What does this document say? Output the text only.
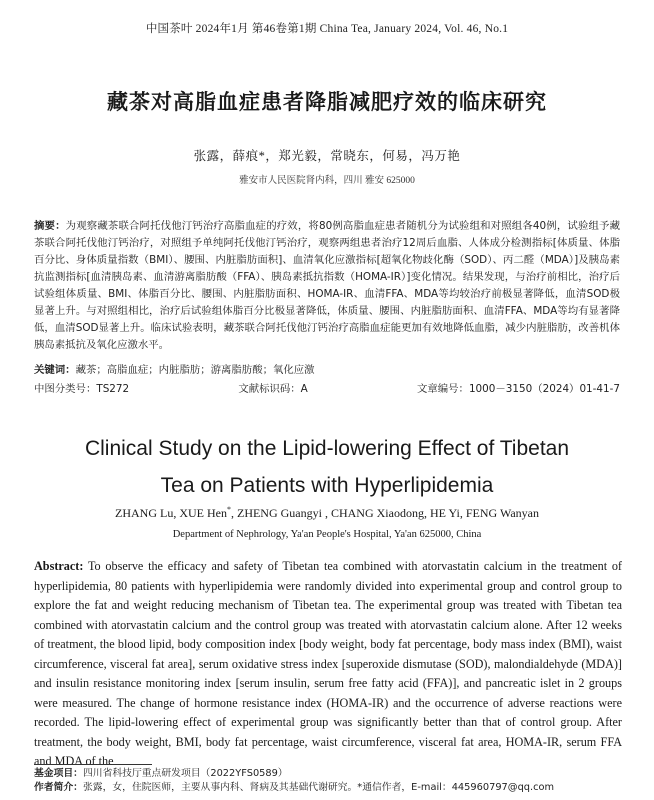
中国茶叶 2024年1月 第46卷第1期 China Tea, January 2024, Vol. 46, No.1
藏茶对高脂血症患者降脂减肥疗效的临床研究
张露，薛痕*，郑光毅，常晓东，何易，冯万艳
雅安市人民医院肾内科，四川 雅安 625000
摘要：为观察藏茶联合阿托伐他汀钙治疗高脂血症的疗效，将80例高脂血症患者随机分为试验组和对照组各40例，试验组予藏茶联合阿托伐他汀钙治疗，对照组予单纯阿托伐他汀钙治疗，观察两组患者治疗12周后血脂、人体成分检测指标[体质量、体脂百分比、身体质量指数（BMI）、腰围、内脏脂肪面积]、血清氧化应激指标[超氧化物歧化酶（SOD）、丙二醛（MDA）]及胰岛素抗监测指标[血清胰岛素、血清游离脂肪酸（FFA）、胰岛素抵抗指数（HOMA-IR）]变化情况。结果发现，与治疗前相比，治疗后试验组体质量、BMI、体脂百分比、腰围、内脏脂肪面积、HOMA-IR、血清FFA、MDA等均较治疗前极显著降低，血清SOD极显著上升。与对照组相比，治疗后试验组体脂百分比极显著降低，体质量、腰围、内脏脂肪面积、血清FFA、MDA等均有显著降低，血清SOD显著上升。临床试验表明，藏茶联合阿托伐他汀钙治疗高脂血症能更加有效地降低血脂，减少内脏脂肪，改善机体胰岛素抵抗及氧化应激水平。
关键词：藏茶；高脂血症；内脏脂肪；游离脂肪酸；氧化应激
中图分类号：TS272	文献标识码：A	文章编号：1000－3150（2024）01-41-7
Clinical Study on the Lipid-lowering Effect of Tibetan
Tea on Patients with Hyperlipidemia
ZHANG Lu, XUE Hen*, ZHENG Guangyi , CHANG Xiaodong, HE Yi, FENG Wanyan
Department of Nephrology, Ya'an People's Hospital, Ya'an 625000, China
Abstract: To observe the efficacy and safety of Tibetan tea combined with atorvastatin calcium in the treatment of hyperlipidemia, 80 patients with hyperlipidemia were randomly divided into experimental group and control group to explore the fat and weight reducing mechanism of Tibetan tea. The experimental group was treated with Tibetan tea combined with atorvastatin calcium and the control group was treated with atorvastatin calcium alone. After 12 weeks of treatment, the blood lipid, body composition index [body weight, body fat percentage, body mass index (BMI), waist circumference, visceral fat area], serum oxidative stress index [superoxide dismutase (SOD), malondialdehyde (MDA)] and insulin resistance monitoring index [serum insulin, serum free fatty acid (FFA)], and pancreatic islet in 2 groups were measured. The change of hormone resistance index (HOMA-IR) and the occurrence of adverse reactions were recorded. The lipid-lowering effect of experimental group was significantly better than that of control group. After treatment, the body weight, BMI, body fat percentage, waist circumference, visceral fat area, HOMA-IR, serum FFA and MDA of the
基金项目：四川省科技厅重点研发项目（2022YFS0589）
作者简介：张露，女，住院医师，主要从事内科、肾病及其基础代谢研究。*通信作者，E-mail：445960797@qq.com
